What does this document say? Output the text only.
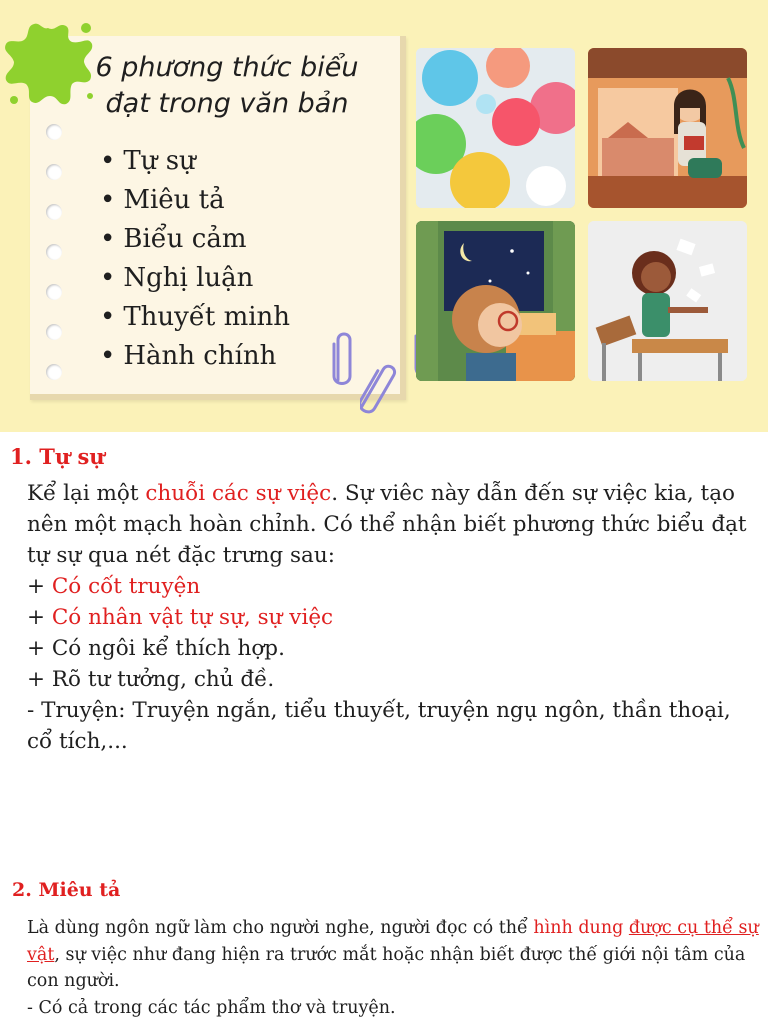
6 phương thức biểu
đạt trong văn bản
• Tự sự
• Miêu tả
• Biểu cảm
• Nghị luận
• Thuyết minh
• Hành chính
1. Tự sự
Kể lại một chuỗi các sự việc. Sự viêc này dẫn đến sự việc kia, tạo nên một mạch hoàn chỉnh. Có thể nhận biết phương thức biểu đạt tự sự qua nét đặc trưng sau:
+ Có cốt truyện
+ Có nhân vật tự sự, sự việc
+ Có ngôi kể thích hợp.
+ Rõ tư tưởng, chủ đề.
- Truyện: Truyện ngắn, tiểu thuyết, truyện ngụ ngôn, thần thoại, cổ tích,...
2. Miêu tả
Là dùng ngôn ngữ làm cho người nghe, người đọc có thể hình dung được cụ thể sự vật, sự việc như đang hiện ra trước mắt hoặc nhận biết được thế giới nội tâm của con người.
- Có cả trong các tác phẩm thơ và truyện.
